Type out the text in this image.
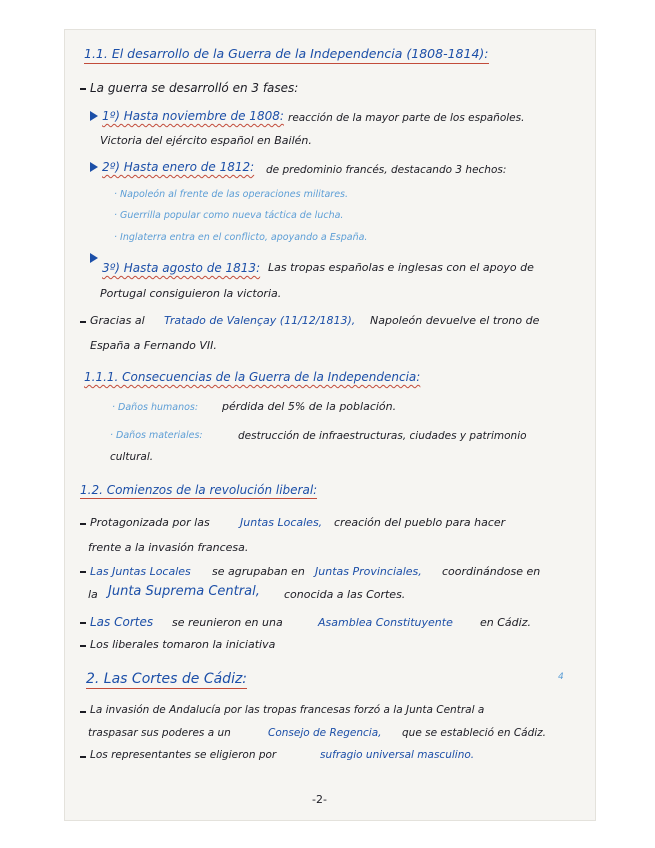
1.1. El desarrollo de la Guerra de la Independencia (1808-1814):
La guerra se desarrolló en 3 fases:
1º) Hasta noviembre de 1808: reacción de la mayor parte de los españoles.
Victoria del ejército español en Bailén.
2º) Hasta enero de 1812: de predominio francés, destacando 3 hechos:
· Napoleón al frente de las operaciones militares.
· Guerrilla popular como nueva táctica de lucha.
· Inglaterra entra en el conflicto, apoyando a España.
3º) Hasta agosto de 1813: Las tropas españolas e inglesas con el apoyo de
Portugal consiguieron la victoria.
Gracias al Tratado de Valençay (11/12/1813), Napoleón devuelve el trono de
España a Fernando VII.
1.1.1. Consecuencias de la Guerra de la Independencia:
· Daños humanos: pérdida del 5% de la población.
· Daños materiales:	destrucción de infraestructuras, ciudades y patrimonio
cultural.
1.2. Comienzos de la revolución liberal:
Protagonizada por las	Juntas Locales, creación del pueblo para hacer
frente a la invasión francesa.
Las Juntas Locales se agrupaban en Juntas Provinciales, coordinándose en
la Junta Suprema Central, conocida a las Cortes.
Las Cortes se reunieron en una	Asamblea Constituyente en Cádiz.
Los liberales tomaron la iniciativa
2. Las Cortes de Cádiz:	4
La invasión de Andalucía por las tropas francesas forzó a la Junta Central a
traspasar sus poderes a un	Consejo de Regencia, que se estableció en Cádiz.
Los representantes se eligieron por	sufragio universal masculino.
-2-
